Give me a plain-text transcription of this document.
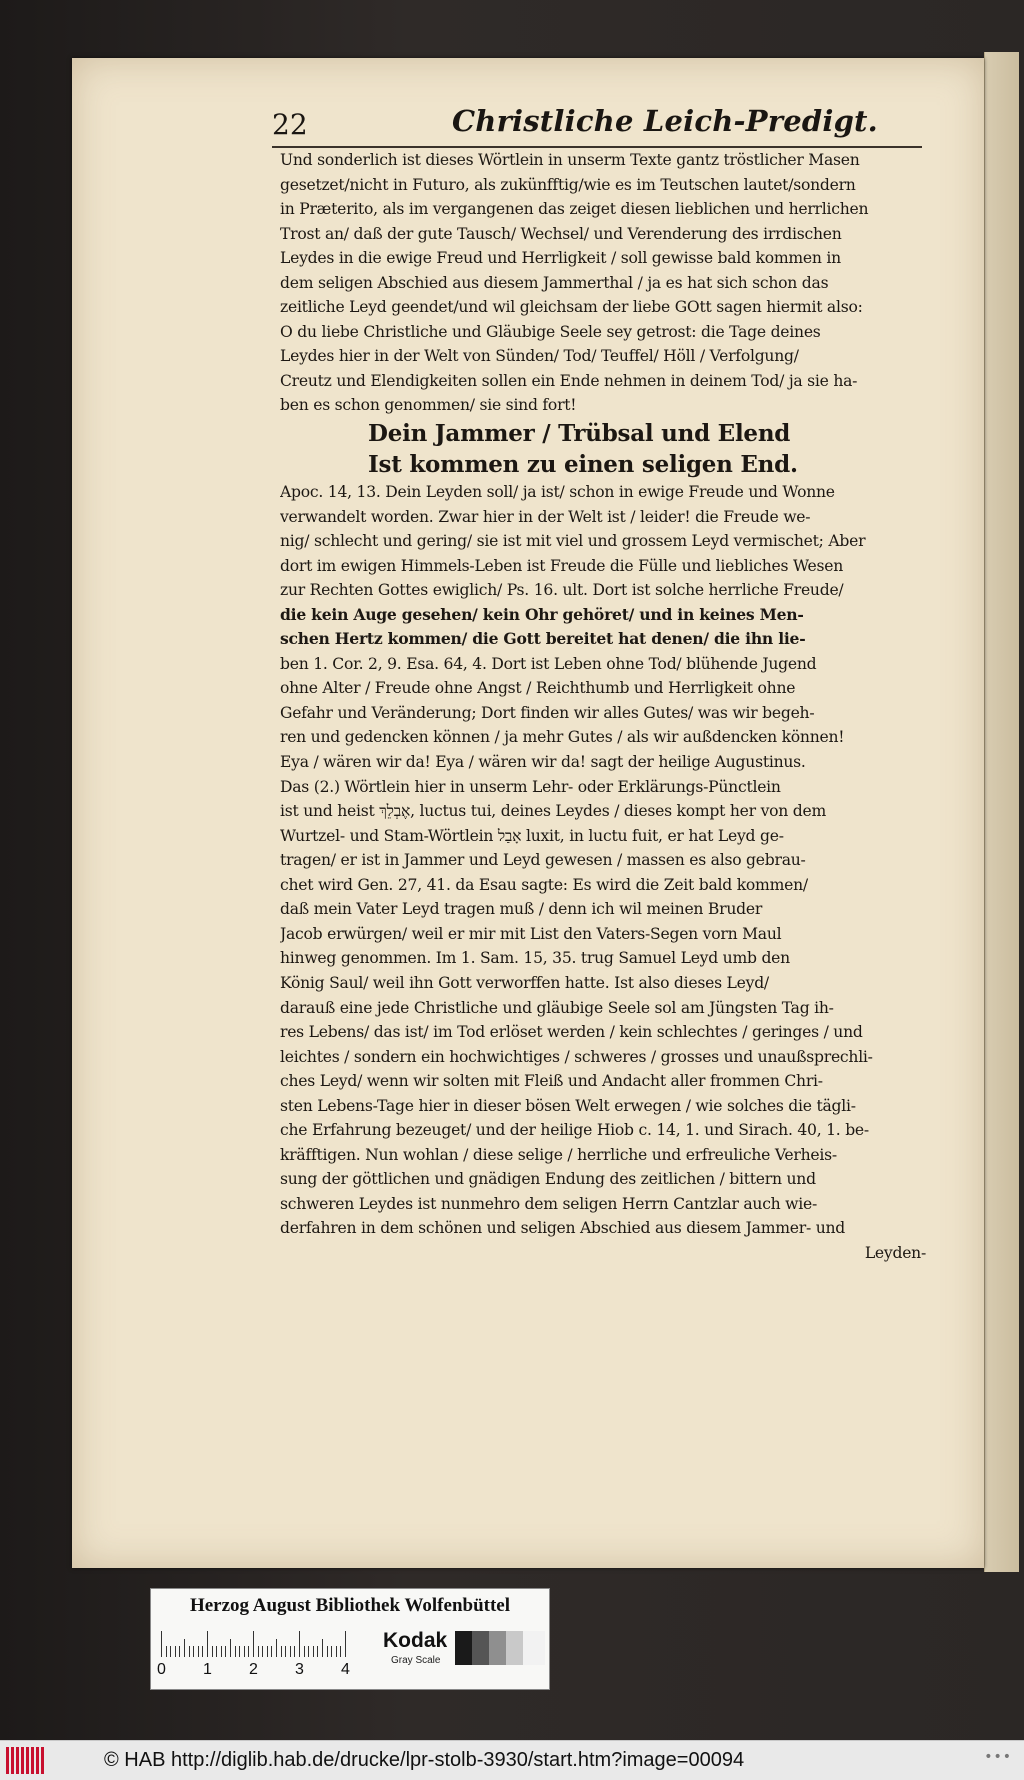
22	Christliche Leich-Predigt.
Und sonderlich ist dieses Wörtlein in unserm Texte gantz tröstlicher Masen
gesetzet/nicht in Futuro, als zukünfftig/wie es im Teutschen lautet/sondern
in Præterito, als im vergangenen das zeiget diesen lieblichen und herrlichen
Trost an/ daß der gute Tausch/ Wechsel/ und Verenderung des irrdischen
Leydes in die ewige Freud und Herrligkeit / soll gewisse bald kommen in
dem seligen Abschied aus diesem Jammerthal / ja es hat sich schon das
zeitliche Leyd geendet/und wil gleichsam der liebe GOtt sagen hiermit also:
O du liebe Christliche und Gläubige Seele sey getrost: die Tage deines
Leydes hier in der Welt von Sünden/ Tod/ Teuffel/ Höll / Verfolgung/
Creutz und Elendigkeiten sollen ein Ende nehmen in deinem Tod/ ja sie ha-
ben es schon genommen/ sie sind fort!
Dein Jammer / Trübsal und Elend
Ist kommen zu einen seligen End.
Apoc. 14, 13. Dein Leyden soll/ ja ist/ schon in ewige Freude und Wonne
verwandelt worden. Zwar hier in der Welt ist / leider! die Freude we-
nig/ schlecht und gering/ sie ist mit viel und grossem Leyd vermischet; Aber
dort im ewigen Himmels-Leben ist Freude die Fülle und liebliches Wesen
zur Rechten Gottes ewiglich/ Ps. 16. ult. Dort ist solche herrliche Freude/
die kein Auge gesehen/ kein Ohr gehöret/ und in keines Men-
schen Hertz kommen/ die Gott bereitet hat denen/ die ihn lie-
ben 1. Cor. 2, 9. Esa. 64, 4. Dort ist Leben ohne Tod/ blühende Jugend
ohne Alter / Freude ohne Angst / Reichthumb und Herrligkeit ohne
Gefahr und Veränderung; Dort finden wir alles Gutes/ was wir begeh-
ren und gedencken können / ja mehr Gutes / als wir außdencken können!
Eya / wären wir da! Eya / wären wir da! sagt der heilige Augustinus.
Das (2.) Wörtlein hier in unserm Lehr- oder Erklärungs-Pünctlein
ist und heist אֶבְלֵךְ, luctus tui, deines Leydes / dieses kompt her von dem
Wurtzel- und Stam-Wörtlein אָבַל luxit, in luctu fuit, er hat Leyd ge-
tragen/ er ist in Jammer und Leyd gewesen / massen es also gebrau-
chet wird Gen. 27, 41. da Esau sagte: Es wird die Zeit bald kommen/
daß mein Vater Leyd tragen muß / denn ich wil meinen Bruder
Jacob erwürgen/ weil er mir mit List den Vaters-Segen vorn Maul
hinweg genommen. Im 1. Sam. 15, 35. trug Samuel Leyd umb den
König Saul/ weil ihn Gott verworffen hatte. Ist also dieses Leyd/
darauß eine jede Christliche und gläubige Seele sol am Jüngsten Tag ih-
res Lebens/ das ist/ im Tod erlöset werden / kein schlechtes / geringes / und
leichtes / sondern ein hochwichtiges / schweres / grosses und unaußsprechli-
ches Leyd/ wenn wir solten mit Fleiß und Andacht aller frommen Chri-
sten Lebens-Tage hier in dieser bösen Welt erwegen / wie solches die tägli-
che Erfahrung bezeuget/ und der heilige Hiob c. 14, 1. und Sirach. 40, 1. be-
kräfftigen. Nun wohlan / diese selige / herrliche und erfreuliche Verheis-
sung der göttlichen und gnädigen Endung des zeitlichen / bittern und
schweren Leydes ist nunmehro dem seligen Herrn Cantzlar auch wie-
derfahren in dem schönen und seligen Abschied aus diesem Jammer- und
Leyden-
Herzog August Bibliothek Wolfenbüttel
0 1 2 3 4
Kodak
Gray Scale
© HAB http://diglib.hab.de/drucke/lpr-stolb-3930/start.htm?image=00094	•••
